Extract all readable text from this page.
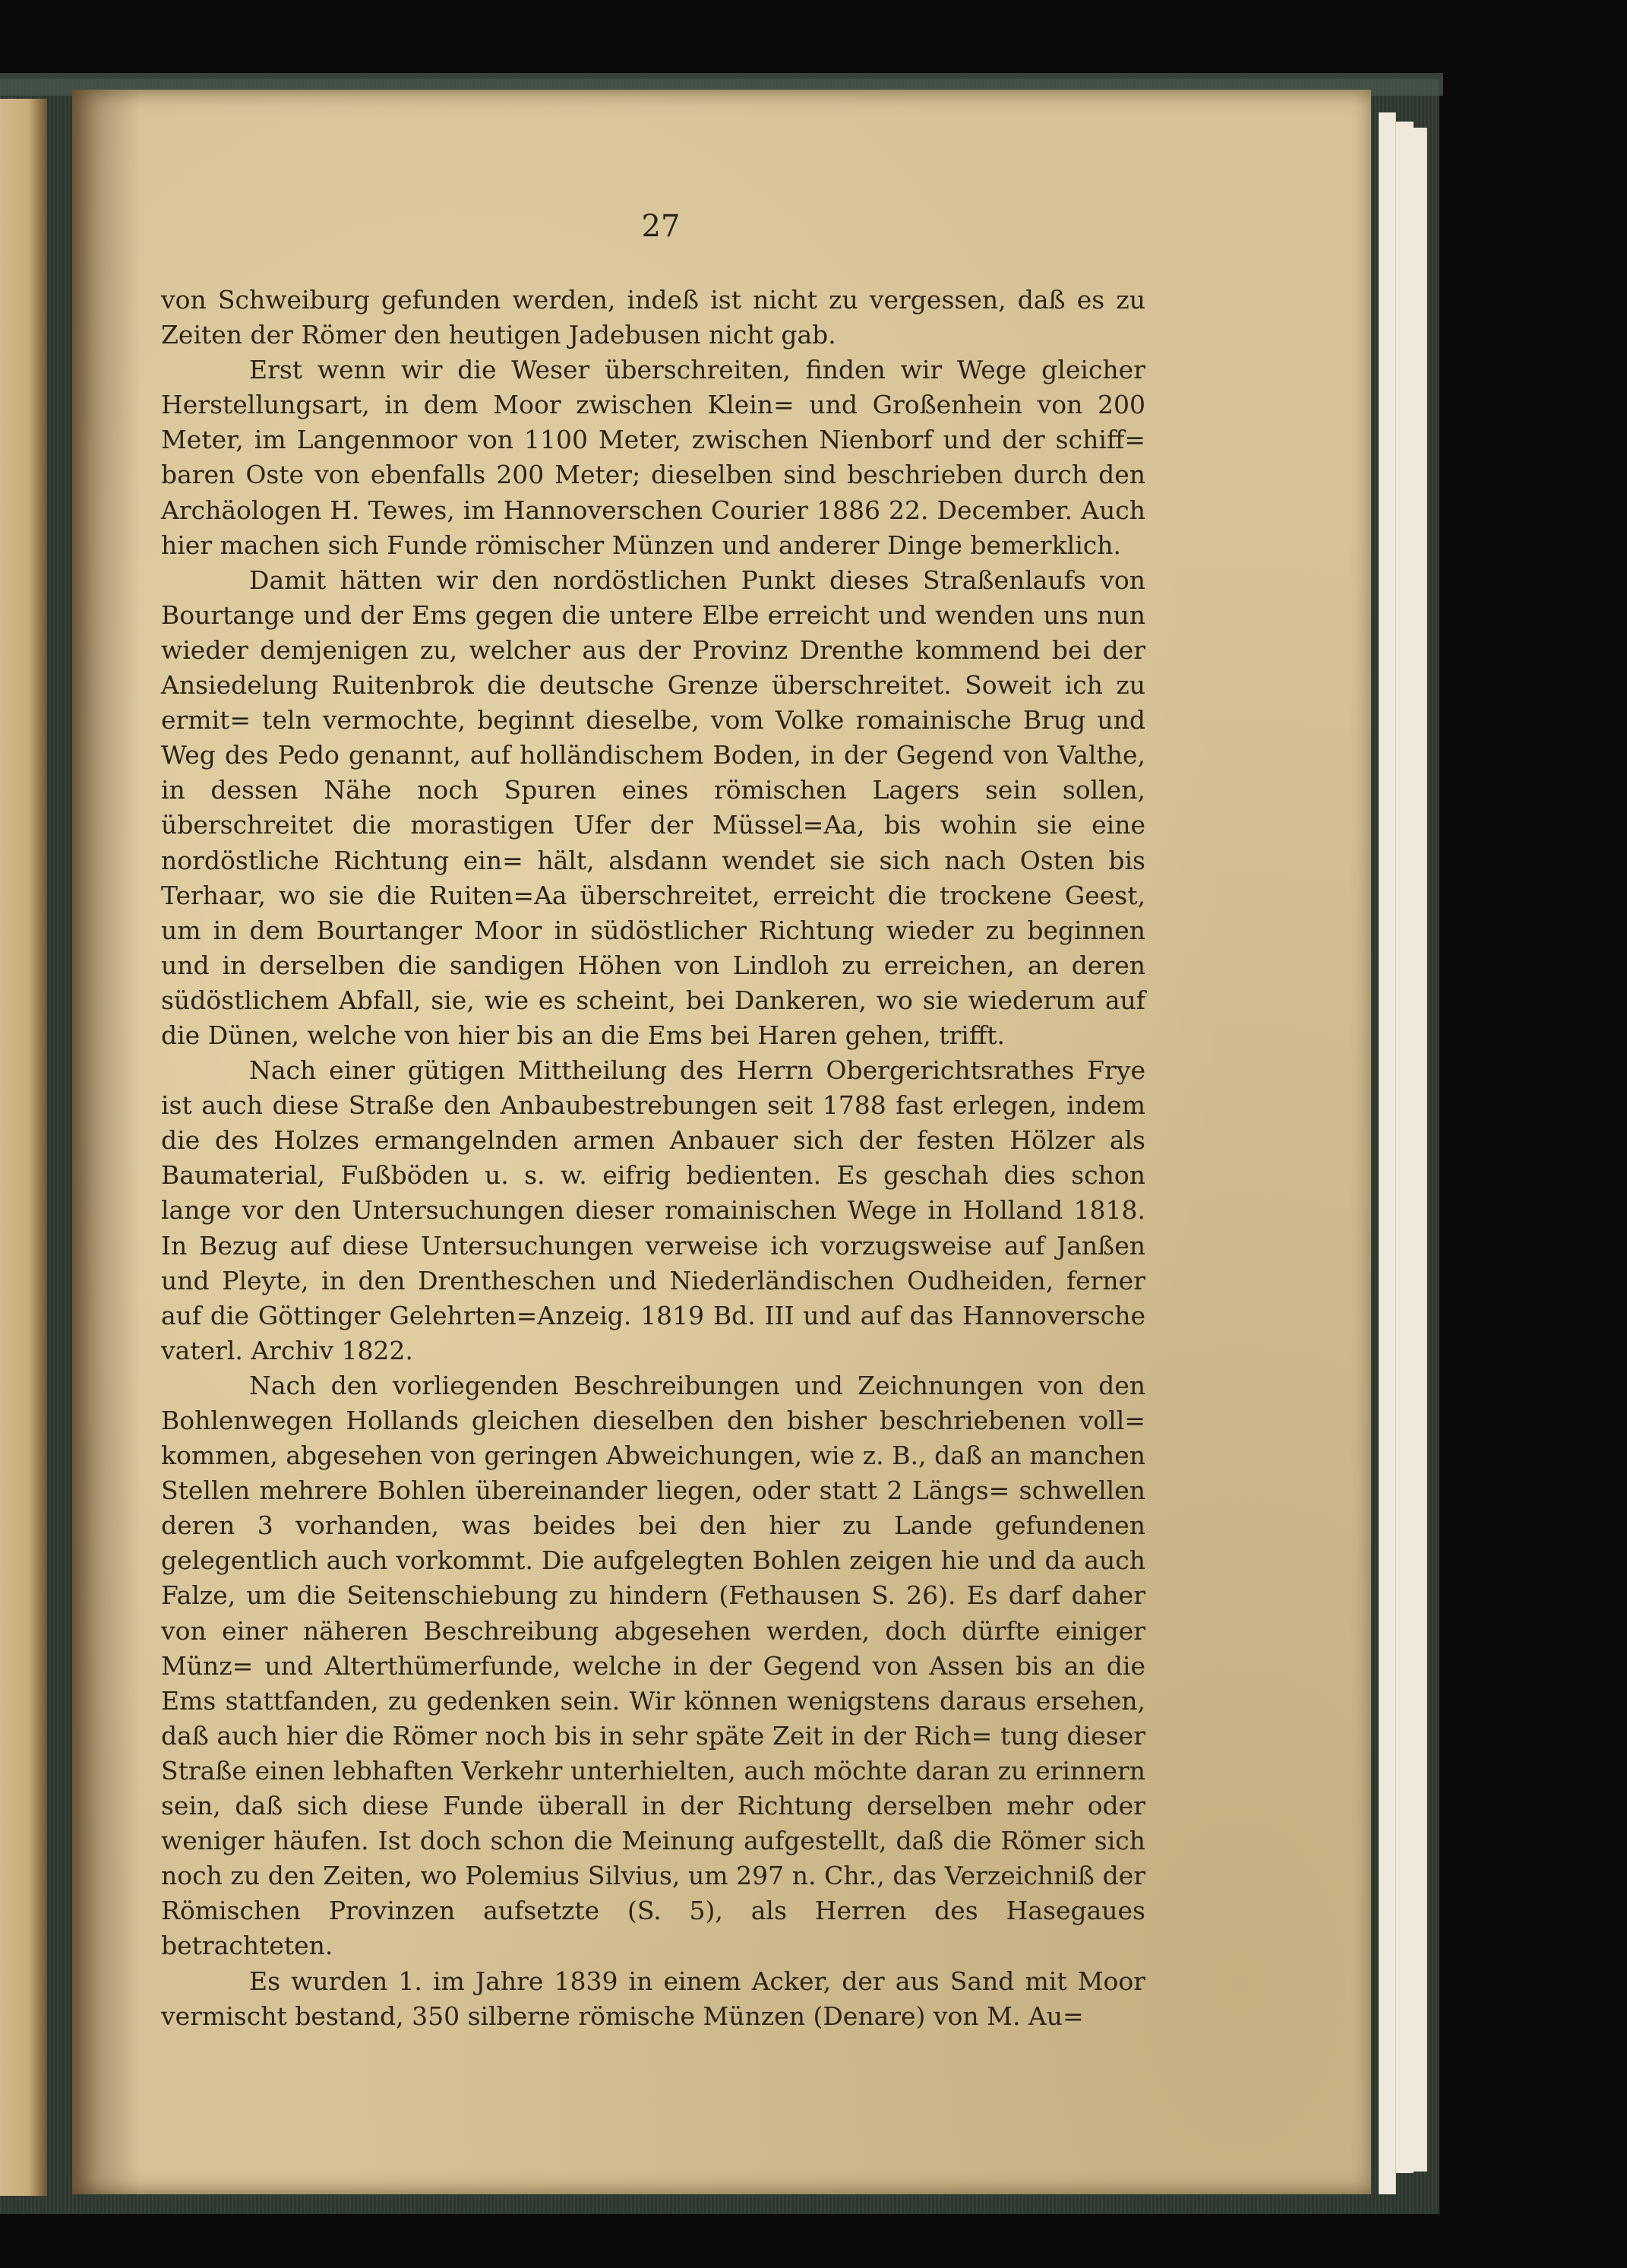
27

von Schweiburg gefunden werden, indeß ist nicht zu vergessen, daß es zu Zeiten der Römer den heutigen Jadebusen nicht gab.

Erst wenn wir die Weser überschreiten, finden wir Wege gleicher Herstellungsart, in dem Moor zwischen Klein= und Großenhein von 200 Meter, im Langenmoor von 1100 Meter, zwischen Nienborf und der schiff= baren Oste von ebenfalls 200 Meter; dieselben sind beschrieben durch den Archäologen H. Tewes, im Hannoverschen Courier 1886 22. December. Auch hier machen sich Funde römischer Münzen und anderer Dinge bemerklich.

Damit hätten wir den nordöstlichen Punkt dieses Straßenlaufs von Bourtange und der Ems gegen die untere Elbe erreicht und wenden uns nun wieder demjenigen zu, welcher aus der Provinz Drenthe kommend bei der Ansiedelung Ruitenbrok die deutsche Grenze überschreitet. Soweit ich zu ermit= teln vermochte, beginnt dieselbe, vom Volke romainische Brug und Weg des Pedo genannt, auf holländischem Boden, in der Gegend von Valthe, in dessen Nähe noch Spuren eines römischen Lagers sein sollen, überschreitet die morastigen Ufer der Müssel=Aa, bis wohin sie eine nordöstliche Richtung ein= hält, alsdann wendet sie sich nach Osten bis Terhaar, wo sie die Ruiten=Aa überschreitet, erreicht die trockene Geest, um in dem Bourtanger Moor in südöstlicher Richtung wieder zu beginnen und in derselben die sandigen Höhen von Lindloh zu erreichen, an deren südöstlichem Abfall, sie, wie es scheint, bei Dankeren, wo sie wiederum auf die Dünen, welche von hier bis an die Ems bei Haren gehen, trifft.

Nach einer gütigen Mittheilung des Herrn Obergerichtsrathes Frye ist auch diese Straße den Anbaubestrebungen seit 1788 fast erlegen, indem die des Holzes ermangelnden armen Anbauer sich der festen Hölzer als Baumaterial, Fußböden u. s. w. eifrig bedienten. Es geschah dies schon lange vor den Untersuchungen dieser romainischen Wege in Holland 1818. In Bezug auf diese Untersuchungen verweise ich vorzugsweise auf Janßen und Pleyte, in den Drentheschen und Niederländischen Oudheiden, ferner auf die Göttinger Gelehrten=Anzeig. 1819 Bd. III und auf das Hannoversche vaterl. Archiv 1822.

Nach den vorliegenden Beschreibungen und Zeichnungen von den Bohlenwegen Hollands gleichen dieselben den bisher beschriebenen voll= kommen, abgesehen von geringen Abweichungen, wie z. B., daß an manchen Stellen mehrere Bohlen übereinander liegen, oder statt 2 Längs= schwellen deren 3 vorhanden, was beides bei den hier zu Lande gefundenen gelegentlich auch vorkommt. Die aufgelegten Bohlen zeigen hie und da auch Falze, um die Seitenschiebung zu hindern (Fethausen S. 26). Es darf daher von einer näheren Beschreibung abgesehen werden, doch dürfte einiger Münz= und Alterthümerfunde, welche in der Gegend von Assen bis an die Ems stattfanden, zu gedenken sein. Wir können wenigstens daraus ersehen, daß auch hier die Römer noch bis in sehr späte Zeit in der Rich= tung dieser Straße einen lebhaften Verkehr unterhielten, auch möchte daran zu erinnern sein, daß sich diese Funde überall in der Richtung derselben mehr oder weniger häufen. Ist doch schon die Meinung aufgestellt, daß die Römer sich noch zu den Zeiten, wo Polemius Silvius, um 297 n. Chr., das Verzeichniß der Römischen Provinzen aufsetzte (S. 5), als Herren des Hasegaues betrachteten.

Es wurden 1. im Jahre 1839 in einem Acker, der aus Sand mit Moor vermischt bestand, 350 silberne römische Münzen (Denare) von M. Au=
